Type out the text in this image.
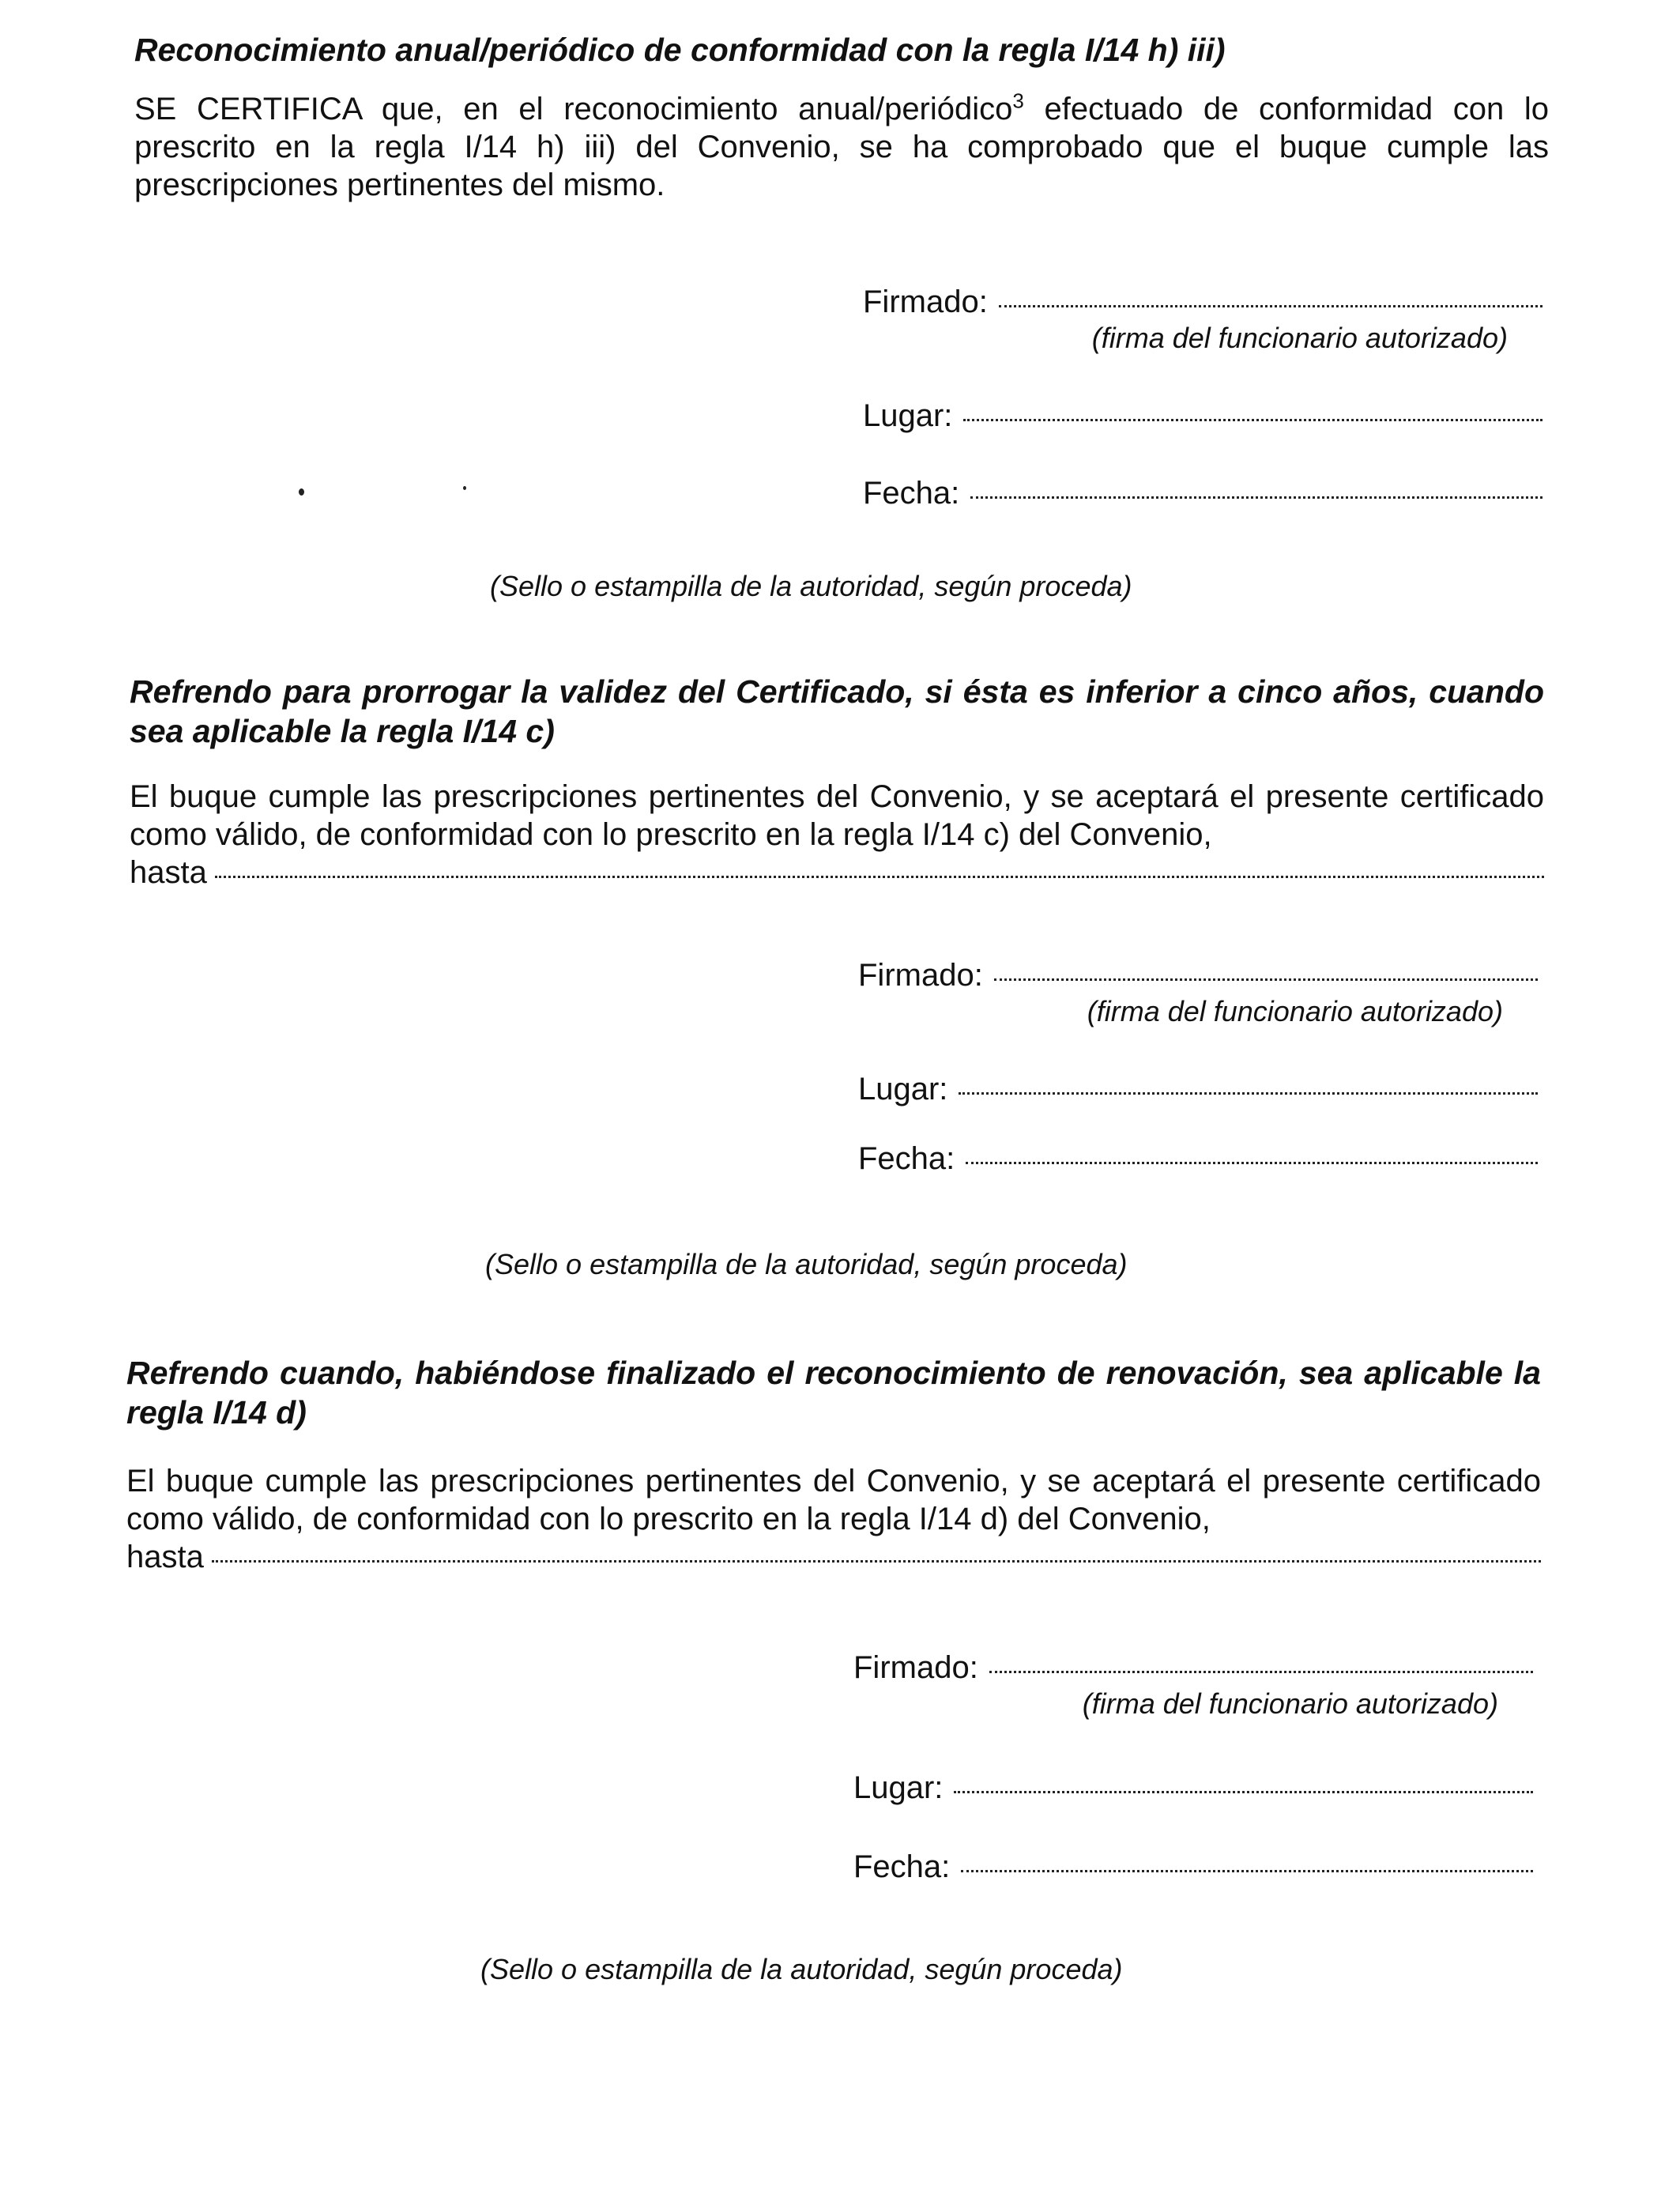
Reconocimiento anual/periódico de conformidad con la regla I/14 h) iii)

SE CERTIFICA que, en el reconocimiento anual/periódico$^3$ efectuado de conformidad con lo prescrito en la regla I/14 h) iii) del Convenio, se ha comprobado que el buque cumple las prescripciones pertinentes del mismo.

Firmado:
(firma del funcionario autorizado)
Lugar:
Fecha:
(Sello o estampilla de la autoridad, según proceda)

Refrendo para prorrogar la validez del Certificado, si ésta es inferior a cinco años, cuando sea aplicable la regla I/14 c)

El buque cumple las prescripciones pertinentes del Convenio, y se aceptará el presente certificado como válido, de conformidad con lo prescrito en la regla I/14 c) del Convenio,

hasta
Firmado:
(firma del funcionario autorizado)
Lugar:
Fecha:
(Sello o estampilla de la autoridad, según proceda)

Refrendo cuando, habiéndose finalizado el reconocimiento de renovación, sea aplicable la regla I/14 d)

El buque cumple las prescripciones pertinentes del Convenio, y se aceptará el presente certificado como válido, de conformidad con lo prescrito en la regla I/14 d) del Convenio,

hasta
Firmado:
(firma del funcionario autorizado)
Lugar:
Fecha:
(Sello o estampilla de la autoridad, según proceda)
